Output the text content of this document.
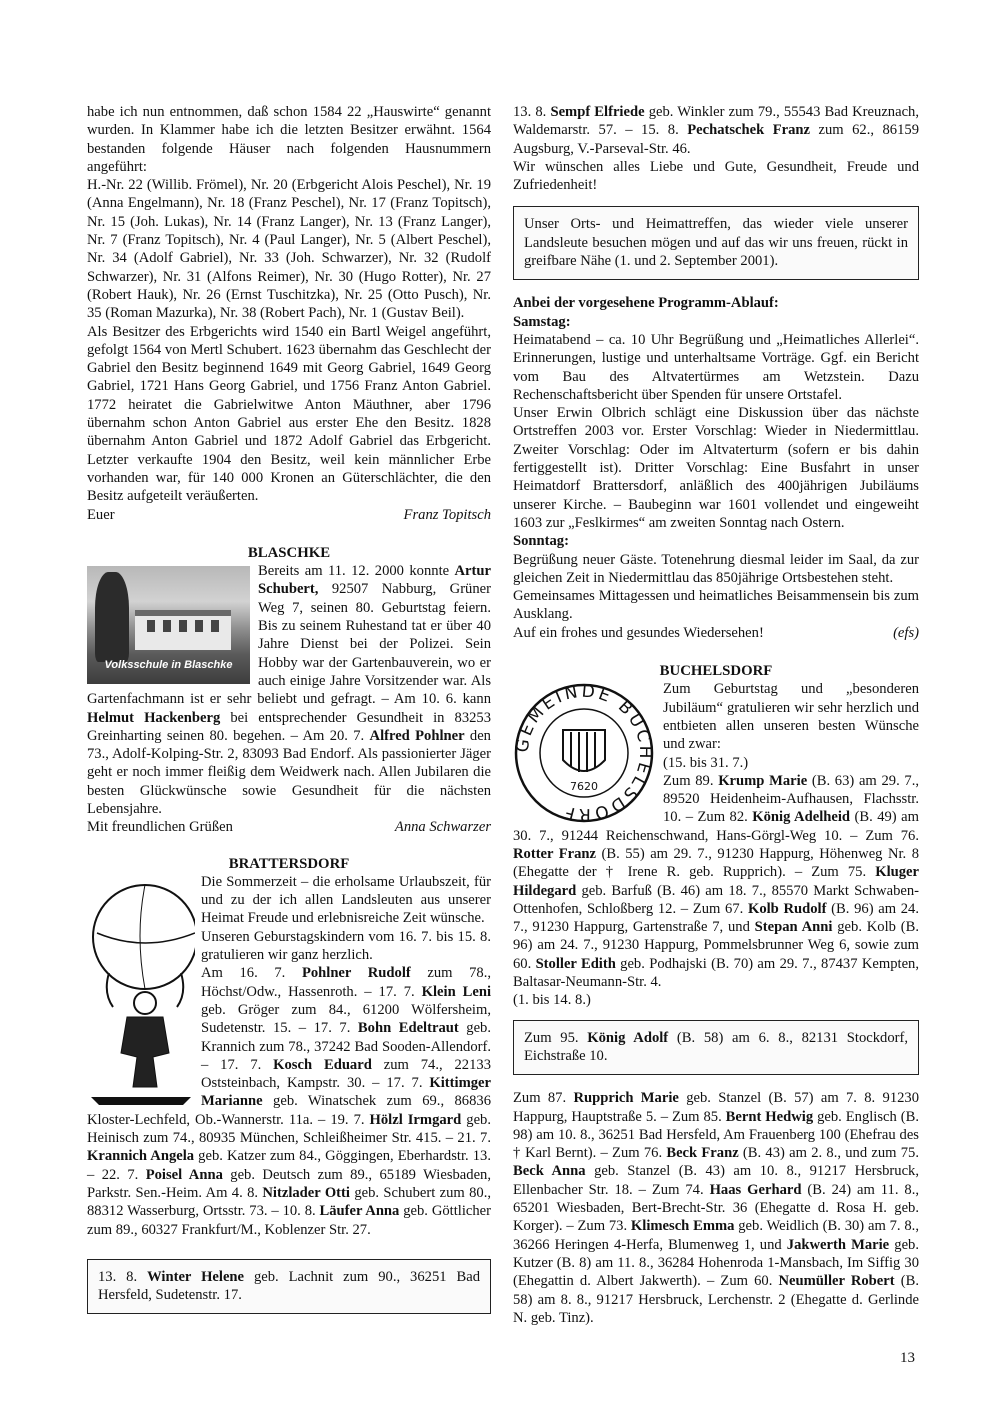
habe ich nun entnommen, daß schon 1584 22 „Hauswirte“ genannt wurden. In Klammer habe ich die letzten Besitzer erwähnt. 1564 bestanden folgende Häuser nach folgenden Hausnummern angeführt:

H.-Nr. 22 (Willib. Frömel), Nr. 20 (Erbgericht Alois Peschel), Nr. 19 (Anna Engelmann), Nr. 18 (Franz Peschel), Nr. 17 (Franz Topitsch), Nr. 15 (Joh. Lukas), Nr. 14 (Franz Langer), Nr. 13 (Franz Langer), Nr. 7 (Franz Topitsch), Nr. 4 (Paul Langer), Nr. 5 (Albert Peschel), Nr. 34 (Adolf Gabriel), Nr. 33 (Joh. Schwarzer), Nr. 32 (Rudolf Schwarzer), Nr. 31 (Alfons Reimer), Nr. 30 (Hugo Rotter), Nr. 27 (Robert Hauk), Nr. 26 (Ernst Tuschitzka), Nr. 25 (Otto Pusch), Nr. 35 (Roman Mazurka), Nr. 38 (Robert Pach), Nr. 1 (Gustav Beil).

Als Besitzer des Erbgerichts wird 1540 ein Bartl Weigel angeführt, gefolgt 1564 von Mertl Schubert. 1623 übernahm das Geschlecht der Gabriel den Besitz beginnend 1649 mit Georg Gabriel, 1649 Georg Gabriel, 1721 Hans Georg Gabriel, und 1756 Franz Anton Gabriel. 1772 heiratet die Gabrielwitwe Anton Mäuthner, aber 1796 übernahm schon Anton Gabriel aus erster Ehe den Besitz. 1828 übernahm Anton Gabriel und 1872 Adolf Gabriel das Erbgericht. Letzter verkaufte 1904 den Besitz, weil kein männlicher Erbe vorhanden war, für 140 000 Kronen an Güterschlächter, die den Besitz aufgeteilt veräußerten.

Euer	Franz Topitsch

BLASCHKE

Volksschule in Blaschke

Bereits am 11. 12. 2000 konnte Artur Schubert, 92507 Nabburg, Grüner Weg 7, seinen 80. Geburtstag feiern. Bis zu seinem Ruhestand tat er über 40 Jahre Dienst bei der Polizei. Sein Hobby war der Gartenbauverein, wo er auch einige Jahre Vorsitzender war. Als Gartenfachmann ist er sehr beliebt und gefragt. – Am 10. 6. kann Helmut Hackenberg bei entsprechender Gesundheit in 83253 Greinharting seinen 80. begehen. – Am 20. 7. Alfred Pohlner den 73., Adolf-Kolping-Str. 2, 83093 Bad Endorf. Als passionierter Jäger geht er noch immer fleißig dem Weidwerk nach. Allen Jubilaren die besten Glückwünsche sowie Gesundheit für die nächsten Lebensjahre.

Mit freundlichen Grüßen	Anna Schwarzer

BRATTERSDORF

Die Sommerzeit – die erholsame Urlaubszeit, für und zu der ich allen Landsleuten aus unserer Heimat Freude und erlebnisreiche Zeit wünsche.

Unseren Geburstagskindern vom 16. 7. bis 15. 8. gratulieren wir ganz herzlich.

Am 16. 7. Pohlner Rudolf zum 78., Höchst/Odw., Hassenroth. – 17. 7. Klein Leni geb. Gröger zum 84., 61200 Wölfersheim, Sudetenstr. 15. – 17. 7. Bohn Edeltraut geb. Krannich zum 78., 37242 Bad Sooden-Allendorf. – 17. 7. Kosch Eduard zum 74., 22133 Oststeinbach, Kampstr. 30. – 17. 7. Kittimger Marianne geb. Winatschek zum 69., 86836 Kloster-Lechfeld, Ob.-Wannerstr. 11a. – 19. 7. Hölzl Irmgard geb. Heinisch zum 74., 80935 München, Schleißheimer Str. 415. – 21. 7. Krannich Angela geb. Katzer zum 84., Göggingen, Eberhardstr. 13. – 22. 7. Poisel Anna geb. Deutsch zum 89., 65189 Wiesbaden, Parkstr. Sen.-Heim. Am 4. 8. Nitzlader Otti geb. Schubert zum 80., 88312 Wasserburg, Ortsstr. 73. – 10. 8. Läufer Anna geb. Göttlicher zum 89., 60327 Frankfurt/M., Koblenzer Str. 27.

13. 8. Winter Helene geb. Lachnit zum 90., 36251 Bad Hersfeld, Sudetenstr. 17.

13. 8. Sempf Elfriede geb. Winkler zum 79., 55543 Bad Kreuznach, Waldemarstr. 57. – 15. 8. Pechatschek Franz zum 62., 86159 Augsburg, V.-Parseval-Str. 46.

Wir wünschen alles Liebe und Gute, Gesundheit, Freude und Zufriedenheit!

Unser Orts- und Heimattreffen, das wieder viele unserer Landsleute besuchen mögen und auf das wir uns freuen, rückt in greifbare Nähe (1. und 2. September 2001).

Anbei der vorgesehene Programm-Ablauf:

Samstag:

Heimatabend – ca. 10 Uhr Begrüßung und „Heimatliches Allerlei“. Erinnerungen, lustige und unterhaltsame Vorträge. Ggf. ein Bericht vom Bau des Altvatertürmes am Wetzstein. Dazu Rechenschaftsbericht über Spenden für unsere Ortstafel.

Unser Erwin Olbrich schlägt eine Diskussion über das nächste Ortstreffen 2003 vor. Erster Vorschlag: Wieder in Niedermittlau. Zweiter Vorschlag: Oder im Altvaterturm (sofern er bis dahin fertiggestellt ist). Dritter Vorschlag: Eine Busfahrt in unser Heimatdorf Brattersdorf, anläßlich des 400jährigen Jubiläums unserer Kirche. – Baubeginn war 1601 vollendet und eingeweiht 1603 zur „Feslkirmes“ am zweiten Sonntag nach Ostern.

Sonntag:

Begrüßung neuer Gäste. Totenehrung diesmal leider im Saal, da zur gleichen Zeit in Niedermittlau das 850jährige Ortsbestehen steht.

Gemeinsames Mittagessen und heimatliches Beisammensein bis zum Ausklang.

Auf ein frohes und gesundes Wiedersehen!	(efs)

BUCHELSDORF

GEMEINDE BUCHELSDORF
7620

Zum Geburtstag und „besonderen Jubiläum“ gratulieren wir sehr herzlich und entbieten allen unseren besten Wünsche und zwar:

(15. bis 31. 7.)

Zum 89. Krump Marie (B. 63) am 29. 7., 89520 Heidenheim-Aufhausen, Flachsstr. 10. – Zum 82. König Adelheid (B. 49) am 30. 7., 91244 Reichenschwand, Hans-Görgl-Weg 10. – Zum 76. Rotter Franz (B. 55) am 29. 7., 91230 Happurg, Höhenweg Nr. 8 (Ehegatte der † Irene R. geb. Rupprich). – Zum 75. Kluger Hildegard geb. Barfuß (B. 46) am 18. 7., 85570 Markt Schwaben-Ottenhofen, Schloßberg 12. – Zum 67. Kolb Rudolf (B. 96) am 24. 7., 91230 Happurg, Gartenstraße 7, und Stepan Anni geb. Kolb (B. 96) am 24. 7., 91230 Happurg, Pommelsbrunner Weg 6, sowie zum 60. Stoller Edith geb. Podhajski (B. 70) am 29. 7., 87437 Kempten, Baltasar-Neumann-Str. 4.

(1. bis 14. 8.)

Zum 95. König Adolf (B. 58) am 6. 8., 82131 Stockdorf, Eichstraße 10.

Zum 87. Rupprich Marie geb. Stanzel (B. 57) am 7. 8. 91230 Happurg, Hauptstraße 5. – Zum 85. Bernt Hedwig geb. Englisch (B. 98) am 10. 8., 36251 Bad Hersfeld, Am Frauenberg 100 (Ehefrau des † Karl Bernt). – Zum 76. Beck Franz (B. 43) am 2. 8., und zum 75. Beck Anna geb. Stanzel (B. 43) am 10. 8., 91217 Hersbruck, Ellenbacher Str. 18. – Zum 74. Haas Gerhard (B. 24) am 11. 8., 65201 Wiesbaden, Bert-Brecht-Str. 36 (Ehegatte d. Rosa H. geb. Korger). – Zum 73. Klimesch Emma geb. Weidlich (B. 30) am 7. 8., 36266 Heringen 4-Herfa, Blumenweg 1, und Jakwerth Marie geb. Kutzer (B. 8) am 11. 8., 36284 Hohenroda 1-Mansbach, Im Siffig 30 (Ehegattin d. Albert Jakwerth). – Zum 60. Neumüller Robert (B. 58) am 8. 8., 91217 Hersbruck, Lerchenstr. 2 (Ehegatte d. Gerlinde N. geb. Tinz).

13
